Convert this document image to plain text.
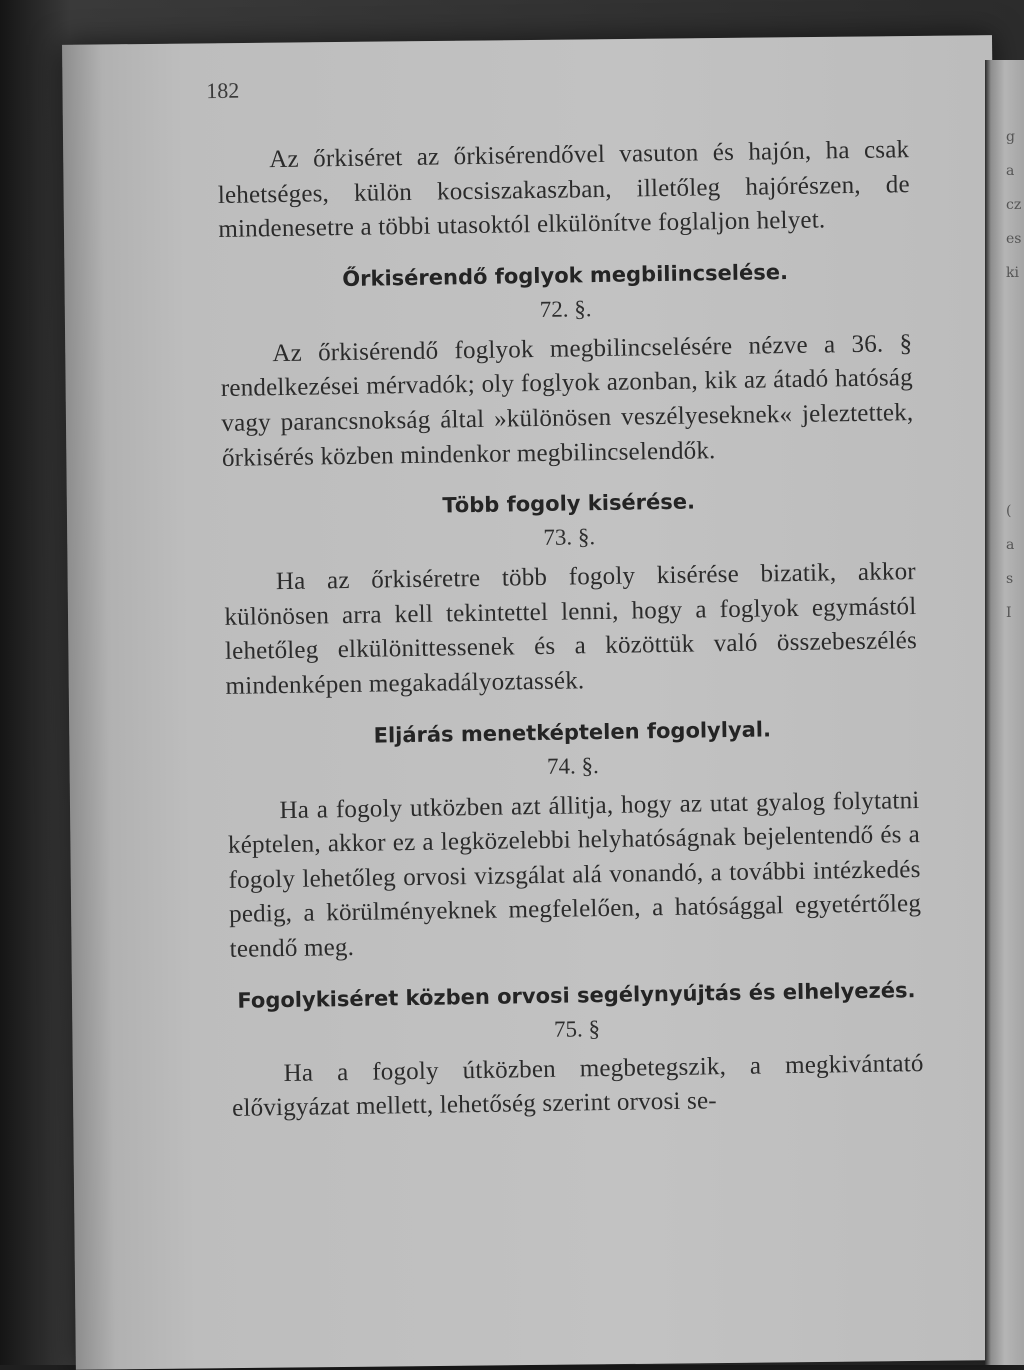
g
a
cz
es
ki

(
a
s
I
182

Az őrkiséret az őrkisérendővel vasuton és hajón, ha csak lehetséges, külön kocsiszakaszban, illetőleg hajórészen, de mindenesetre a többi utasoktól elkülönítve foglaljon helyet.

Őrkisérendő foglyok megbilincselése.
72. §.

Az őrkisérendő foglyok megbilincselésére nézve a 36. § rendelkezései mérvadók; oly foglyok azonban, kik az átadó hatóság vagy parancsnokság által »különösen veszélyeseknek« jeleztettek, őrkisérés közben mindenkor megbilincselendők.

Több fogoly kisérése.
73. §.

Ha az őrkiséretre több fogoly kisérése bizatik, akkor különösen arra kell tekintettel lenni, hogy a foglyok egymástól lehetőleg elkülönittessenek és a közöttük való összebeszélés mindenképen megakadályoztassék.

Eljárás menetképtelen fogolylyal.
74. §.

Ha a fogoly utközben azt állitja, hogy az utat gyalog folytatni képtelen, akkor ez a legközelebbi helyhatóságnak bejelentendő és a fogoly lehetőleg orvosi vizsgálat alá vonandó, a további intézkedés pedig, a körülményeknek megfelelően, a hatósággal egyetértőleg teendő meg.

Fogolykiséret közben orvosi segélynyújtás és elhelyezés.
75. §

Ha a fogoly útközben megbetegszik, a megkivántató elővigyázat mellett, lehetőség szerint orvosi se-
